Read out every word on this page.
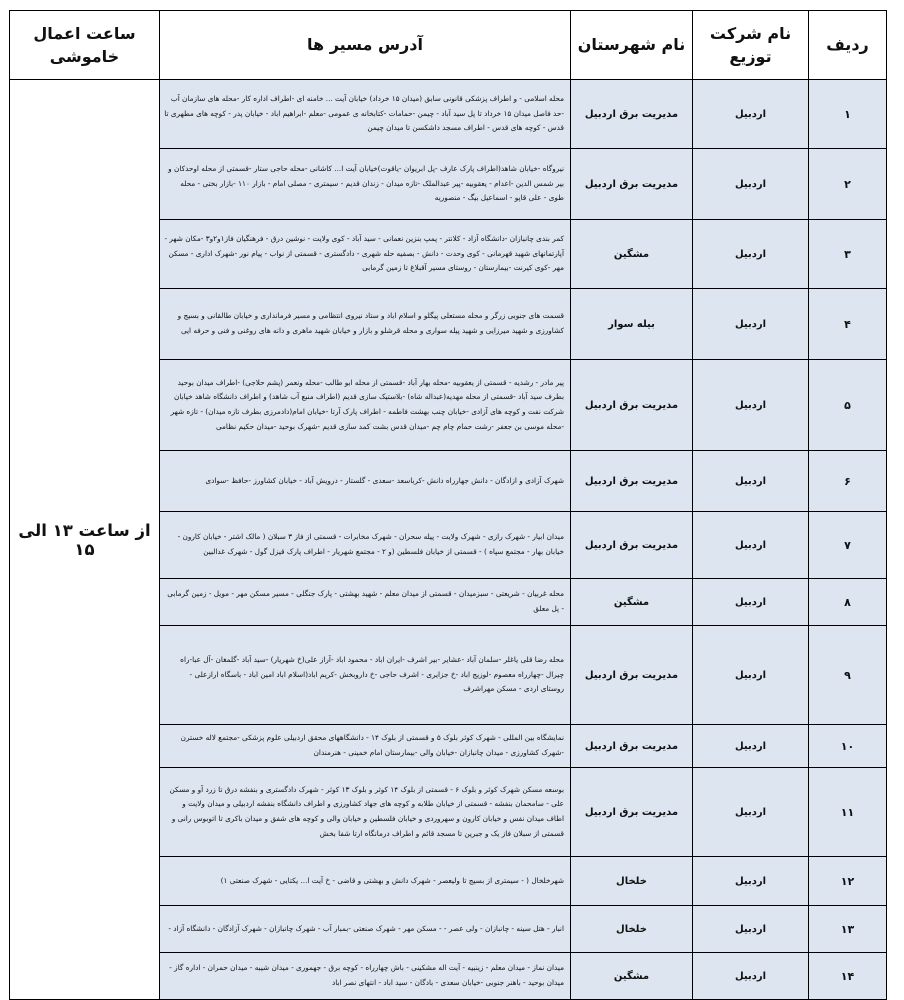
ردیف	نام شرکت توزیع	نام شهرستان	آدرس مسیر ها	ساعت اعمال خاموشی

۱	اردبیل	مدیریت برق اردبیل	محله اسلامی - و اطراف پزشکی قانونی سابق (میدان ۱۵ خرداد) خیابان آیت ... خامنه ای -اطراف اداره کار -محله های سازمان آب -حد فاصل میدان ۱۵ خرداد تا پل سید آباد - چیمن -حمامات -کتابخانه ی عمومی -معلم -ابراهیم اباد - خیابان پدر - کوچه های مطهری تا قدس - کوچه های قدس - اطراف مسجد داشکسن تا میدان چیمن	از ساعت ۱۳ الی ۱۵
۲	اردبیل	مدیریت برق اردبیل	نیروگاه -خیابان شاهد(اطراف پارک عارف -پل ابریوان -یاقوت)خیابان آیت ا... کاشانی -محله حاجی ستار -قسمتی از محله اوحدکان و بیر شمس الدین -اعدام - یعقوبیه -پیر عبدالملک -تازه میدان - زندان قدیم - سیمتری - مصلی امام - بازار ۱۱۰ -بازار بختی - محله طوی - علی قاپو - اسماعیل بیگ - منصوریه	
۳	اردبیل	مشگین	کمر بندی چانبازان -دانشگاه آزاد - کلانتر - پمپ بنزین نعمانی - سید آباد - کوی ولایت - نوشین درق - فرهنگیان فاز۱و۲و۳ -مکان شهر - آپارتمانهای شهید قهرمانی - کوی وحدت - دانش - بصفیه حله شهری - دادگستری - قسمتی از نواب - پیام نور -شهرک اداری - مسکن مهر -کوی کیرنت -بیمارستان - روستای مسیر آقبلاغ تا زمین گرمابی	
۴	اردبیل	بیله سوار	قسمت های جنوبی زرگر و محله مستعلی پیگلو و اسلام اباد و ستاد نیروی انتظامی و مسیر فرمانداری و خیابان طالقانی و بسیج و کشاورزی و شهید میرزایی و شهید پیله سواری و محله قرشلو و بازار و خیابان شهید ماهری و دانه های روغنی و فنی و حرفه ایی	
۵	اردبیل	مدیریت برق اردبیل	پیر مادر - رشدیه - قسمتی از یعقوبیه -محله بهار آباد -قسمتی از محله ابو طالب -محله ونعمر (پشم حلاجی) -اطراف میدان بوحید بطرف سید آباد -قسمتی از محله مهدیه(عبداله شاه) -بلاستیک سازی قدیم (اطراف منبع آب شاهد) و اطراف دانشگاه شاهد خیابان شرکت نفت و کوچه های آزادی -خیابان چنب بهشت فاطمه - اطراف پارک آرتا -خیابان امام(دادمرزی بطرف تازه میدان) - تازه شهر -محله موسی بن جعفر -رشت حمام چام چم -میدان قدس بشت کمد سازی قدیم -شهرک بوحید -میدان حکیم نظامی	
۶	اردبیل	مدیریت برق اردبیل	شهرک آزادی و ازادگان - دانش جهارراه دانش -کرباسعد -سعدی - گلستار - درویش آباد - خیابان کشاورز -حافظ -سوادی	
۷	اردبیل	مدیریت برق اردبیل	میدان ابیار - شهرک رازی - شهرک ولایت - پیله سحران - شهرک مخابرات - قسمتی از فاز ۳ سبلان ( مالک اشتر - خیابان کارون - خیابان بهار - مجتمع سپاه ) - قسمتی از خیابان فلسطین (و ۲ - مجتمع شهریار - اطراف پارک قیزل گول - شهرک غدالبین	
۸	اردبیل	مشگین	محله غربیان - شریعتی - سبزمیدان - قسمتی از میدان معلم - شهید بهشتی - پارک جنگلی - مسیر مسکن مهر - مویل - زمین گرمابی - پل معلق	
۹	اردبیل	مدیریت برق اردبیل	محله رضا قلی یاغلر -سلمان آباد -عشایر -بیر اشرف -ایران اباد - محمود اباد -آراز علی(خ شهریار) -سید آباد -گلمغان -آل عبا-راه چیرال -چهارراه معصوم -لوزیج اباد -خ جزایری - اشرف حاجی -خ داروبخش -کریم اباد(اسلام اباد امین اباد - باسگاه ارازعلی - روستای اردی - مسکن مهراشرف	
۱۰	اردبیل	مدیریت برق اردبیل	نمایشگاه بین المللی - شهرک کوثر بلوک ۵ و قسمتی از بلوک ۱۴ - دانشگاههای محقق اردبیلی علوم پزشکی -مجتمع لاله خسترن -شهرک کشاورزی - میدان چانبازان -خیابان والی -بیمارستان امام خمینی - هنرمندان	
۱۱	اردبیل	مدیریت برق اردبیل	بوسعه مسکن شهرک کوثر و بلوک ۶ - قسمتی از بلوک ۱۴ کوثر و بلوک ۱۳ کوثر - شهرک دادگستری و بنفشه درق تا زرد آو و مسکن علی - سامحمان بنفشه - قسمتی از خیابان طلابه و کوچه های جهاد کشاورزی و اطراف دانشگاه بنفشه اردبیلی و میدان ولایت و اطاف میدان نفس و خیابان کارون و سهروردی و خیابان فلسطین و خیابان والی و کوچه های شفق و میدان باکری تا اتوبوس رانی و قسمتی از سبلان فاز یک و جبرین تا مسجد قائم و اطراف درمانگاه ارتا شفا بخش	
۱۲	اردبیل	خلخال	شهرخلخال ( - سیمتری از بسیج تا ولیعصر - شهرک دانش و بهشتی و قاضی - خ آیت ا... یکتایی - شهرک صنعتی ۱)	
۱۳	اردبیل	خلخال	انبار - هتل سینه - چانبازان - ولی عصر - - مسکن مهر - شهرک صنعتی -بمبار آب - شهرک چانبازان - شهرک آزادگان - دانشگاه آزاد -	
۱۴	اردبیل	مشگین	میدان نماز - میدان معلم - زینبیه - آیت اله مشکینی - باش چهارراه - کوچه برق - جهموری - میدان شیبه - میدان حمران - اداره گاز - میدان بوحید - باهنر جنوبی -خیابان سعدی - بادگان - سید اباد - انتهای نصر اباد	
